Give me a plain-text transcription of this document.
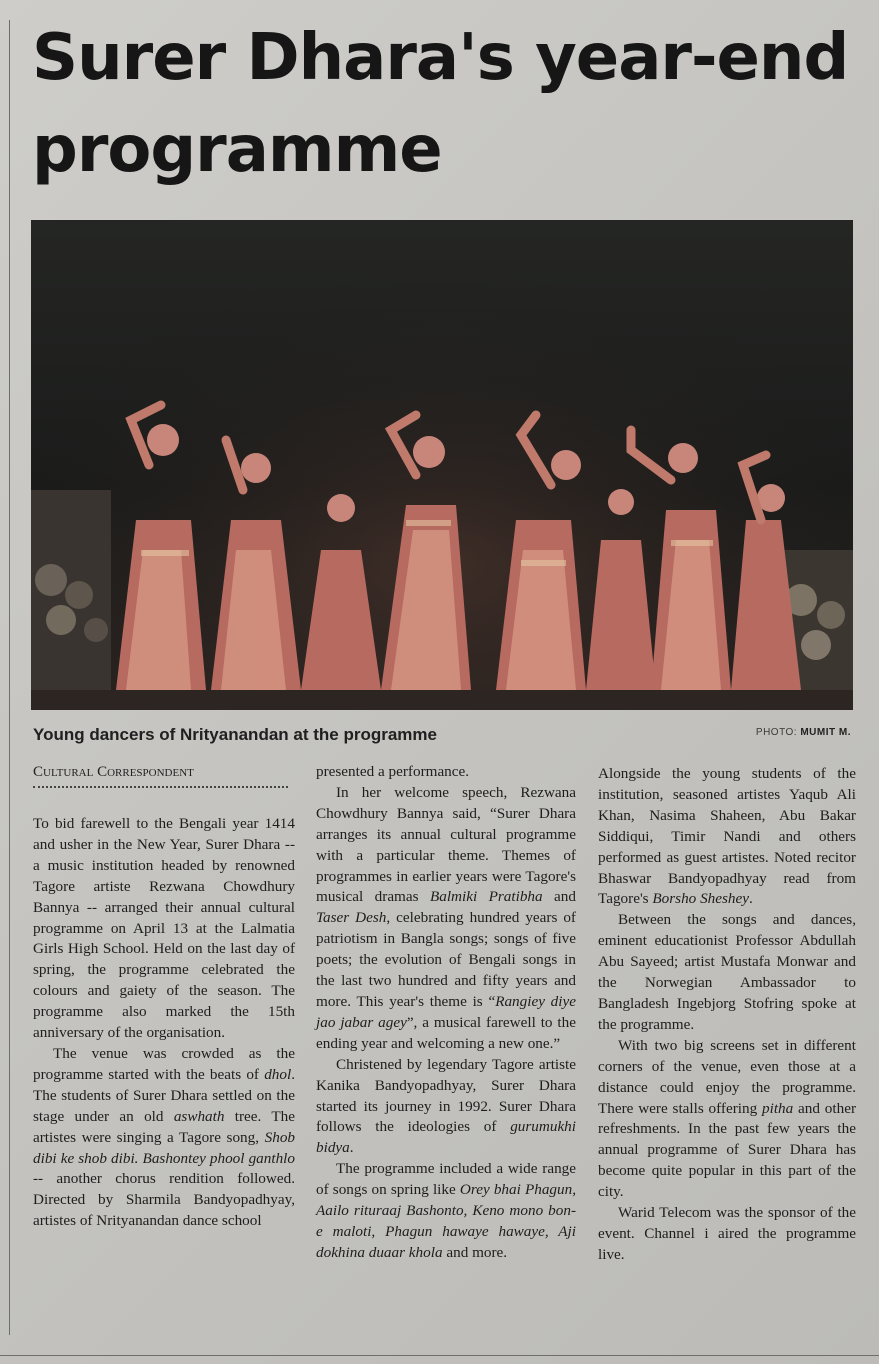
Surer Dhara's year-end programme
Young dancers of Nrityanandan at the programme	PHOTO: MUMIT M.
Cultural Correspondent

To bid farewell to the Bengali year 1414 and usher in the New Year, Surer Dhara -- a music institution headed by renowned Tagore artiste Rezwana Chowdhury Bannya -- arranged their annual cultural programme on April 13 at the Lalmatia Girls High School. Held on the last day of spring, the programme celebrated the colours and gaiety of the season. The programme also marked the 15th anniversary of the organisation.

The venue was crowded as the programme started with the beats of dhol. The students of Surer Dhara settled on the stage under an old aswhath tree. The artistes were singing a Tagore song, Shob dibi ke shob dibi. Bashontey phool ganthlo -- another chorus rendition followed. Directed by Sharmila Bandyopadhyay, artistes of Nrityanandan dance school

presented a performance.

In her welcome speech, Rezwana Chowdhury Bannya said, “Surer Dhara arranges its annual cultural programme with a particular theme. Themes of programmes in earlier years were Tagore's musical dramas Balmiki Pratibha and Taser Desh, celebrating hundred years of patriotism in Bangla songs; songs of five poets; the evolution of Bengali songs in the last two hundred and fifty years and more. This year's theme is “Rangiey diye jao jabar agey”, a musical farewell to the ending year and welcoming a new one.”

Christened by legendary Tagore artiste Kanika Bandyopadhyay, Surer Dhara started its journey in 1992. Surer Dhara follows the ideologies of gurumukhi bidya.

The programme included a wide range of songs on spring like Orey bhai Phagun, Aailo rituraaj Bashonto, Keno mono bon-e maloti, Phagun hawaye hawaye, Aji dokhina duaar khola and more.

Alongside the young students of the institution, seasoned artistes Yaqub Ali Khan, Nasima Shaheen, Abu Bakar Siddiqui, Timir Nandi and others performed as guest artistes. Noted recitor Bhaswar Bandyopadhyay read from Tagore's Borsho Sheshey.

Between the songs and dances, eminent educationist Professor Abdullah Abu Sayeed; artist Mustafa Monwar and the Norwegian Ambassador to Bangladesh Ingebjorg Stofring spoke at the programme.

With two big screens set in different corners of the venue, even those at a distance could enjoy the programme. There were stalls offering pitha and other refreshments. In the past few years the annual programme of Surer Dhara has become quite popular in this part of the city.

Warid Telecom was the sponsor of the event. Channel i aired the programme live.
